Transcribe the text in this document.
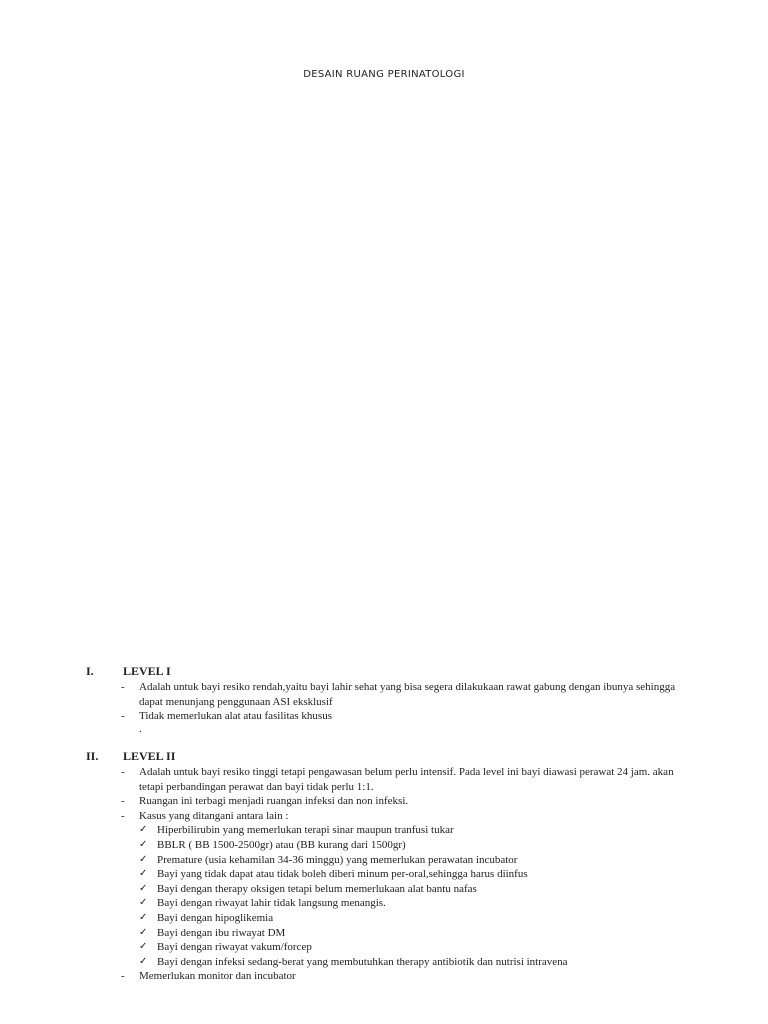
DESAIN RUANG PERINATOLOGI
I. LEVEL I
- Adalah untuk bayi resiko rendah,yaitu bayi lahir sehat yang bisa segera dilakukaan rawat gabung dengan ibunya sehingga dapat menunjang penggunaan ASI eksklusif
- Tidak memerlukan alat atau fasilitas khusus
.
II. LEVEL II
- Adalah untuk bayi resiko tinggi tetapi pengawasan belum perlu intensif. Pada level ini bayi diawasi perawat 24 jam. akan tetapi perbandingan perawat dan bayi tidak perlu 1:1.
- Ruangan ini terbagi menjadi ruangan infeksi dan non infeksi.
- Kasus yang ditangani antara lain :
✓ Hiperbilirubin yang memerlukan terapi sinar maupun tranfusi tukar
✓ BBLR ( BB 1500-2500gr) atau (BB kurang dari 1500gr)
✓ Premature (usia kehamilan 34-36 minggu) yang memerlukan perawatan incubator
✓ Bayi yang tidak dapat atau tidak boleh diberi minum per-oral,sehingga harus diinfus
✓ Bayi dengan therapy oksigen tetapi belum memerlukaan alat bantu nafas
✓ Bayi dengan riwayat lahir tidak langsung menangis.
✓ Bayi dengan hipoglikemia
✓ Bayi dengan ibu riwayat DM
✓ Bayi dengan riwayat vakum/forcep
✓ Bayi dengan infeksi sedang-berat yang membutuhkan therapy antibiotik dan nutrisi intravena
- Memerlukan monitor dan incubator
